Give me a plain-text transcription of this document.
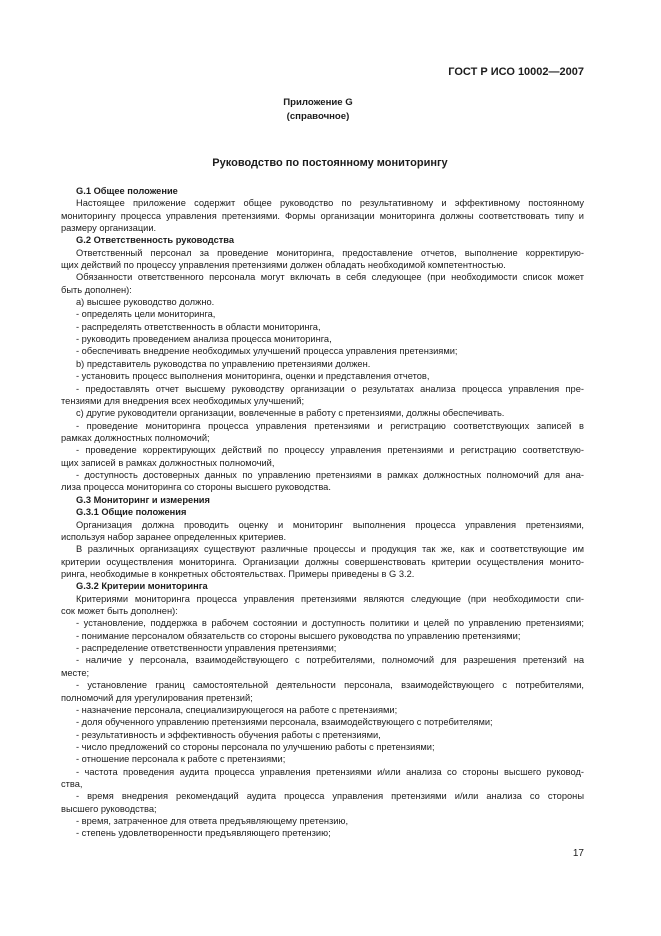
ГОСТ Р ИСО 10002—2007
Приложение G
(справочное)
Руководство по постоянному мониторингу
G.1 Общее положение
Настоящее приложение содержит общее руководство по результативному и эффективному постоянному
мониторингу процесса управления претензиями. Формы организации мониторинга должны соответствовать типу и
размеру организации.
G.2 Ответственность руководства
Ответственный персонал за проведение мониторинга, предоставление отчетов, выполнение корректирую-
щих действий по процессу управления претензиями должен обладать необходимой компетентностью.
Обязанности ответственного персонала могут включать в себя следующее (при необходимости список может
быть дополнен):
а) высшее руководство должно.
- определять цели мониторинга,
- распределять ответственность в области мониторинга,
- руководить проведением анализа процесса мониторинга,
- обеспечивать внедрение необходимых улучшений процесса управления претензиями;
b) представитель руководства по управлению претензиями должен.
- установить процесс выполнения мониторинга, оценки и представления отчетов,
- предоставлять отчет высшему руководству организации о результатах анализа процесса управления пре-
тензиями для внедрения всех необходимых улучшений;
с) другие руководители организации, вовлеченные в работу с претензиями, должны обеспечивать.
- проведение мониторинга процесса управления претензиями и регистрацию соответствующих записей в
рамках должностных полномочий;
- проведение корректирующих действий по процессу управления претензиями и регистрацию соответствую-
щих записей в рамках должностных полномочий,
- доступность достоверных данных по управлению претензиями в рамках должностных полномочий для ана-
лиза процесса мониторинга со стороны высшего руководства.
G.3 Мониторинг и измерения
G.3.1 Общие положения
Организация должна проводить оценку и мониторинг выполнения процесса управления претензиями,
используя набор заранее определенных критериев.
В различных организациях существуют различные процессы и продукция так же, как и соответствующие им
критерии осуществления мониторинга. Организации должны совершенствовать критерии осуществления монито-
ринга, необходимые в конкретных обстоятельствах. Примеры приведены в G 3.2.
G.3.2 Критерии мониторинга
Критериями мониторинга процесса управления претензиями являются следующие (при необходимости спи-
сок может быть дополнен):
- установление, поддержка в рабочем состоянии и доступность политики и целей по управлению претензиями;
- понимание персоналом обязательств со стороны высшего руководства по управлению претензиями;
- распределение ответственности управления претензиями;
- наличие у персонала, взаимодействующего с потребителями, полномочий для разрешения претензий на
месте;
- установление границ самостоятельной деятельности персонала, взаимодействующего с потребителями,
полномочий для урегулирования претензий;
- назначение персонала, специализирующегося на работе с претензиями;
- доля обученного управлению претензиями персонала, взаимодействующего с потребителями;
- результативность и эффективность обучения работы с претензиями,
- число предложений со стороны персонала по улучшению работы с претензиями;
- отношение персонала к работе с претензиями;
- частота проведения аудита процесса управления претензиями и/или анализа со стороны высшего руковод-
ства,
- время внедрения рекомендаций аудита процесса управления претензиями и/или анализа со стороны
высшего руководства;
- время, затраченное для ответа предъявляющему претензию,
- степень удовлетворенности предъявляющего претензию;
17
